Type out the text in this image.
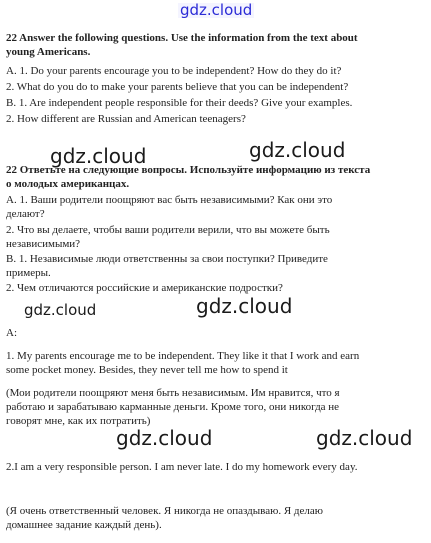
gdz.cloud
22 Answer the following questions. Use the information from the text about
young Americans.
A. 1. Do your parents encourage you to be independent? How do they do it?
2. What do you do to make your parents believe that you can be independent?
B. 1. Are independent people responsible for their deeds? Give your examples.
2. How different are Russian and American teenagers?
gdz.cloud	gdz.cloud
22 Ответьте на следующие вопросы. Используйте информацию из текста
о молодых американцах.
А. 1. Ваши родители поощряют вас быть независимыми? Как они это
делают?
2. Что вы делаете, чтобы ваши родители верили, что вы можете быть
независимыми?
В. 1. Независимые люди ответственны за свои поступки? Приведите
примеры.
2. Чем отличаются российские и американские подростки?
gdz.cloud	gdz.cloud
A:
1. My parents encourage me to be independent. They like it that I work and earn
some pocket money. Besides, they never tell me how to spend it
(Мои родители поощряют меня быть независимым. Им нравится, что я
работаю и зарабатываю карманные деньги. Кроме того, они никогда не
говорят мне, как их потратить)
gdz.cloud	gdz.cloud
2.I am a very responsible person. I am never late. I do my homework every day.
(Я очень ответственный человек. Я никогда не опаздываю. Я делаю
домашнее задание каждый день).
